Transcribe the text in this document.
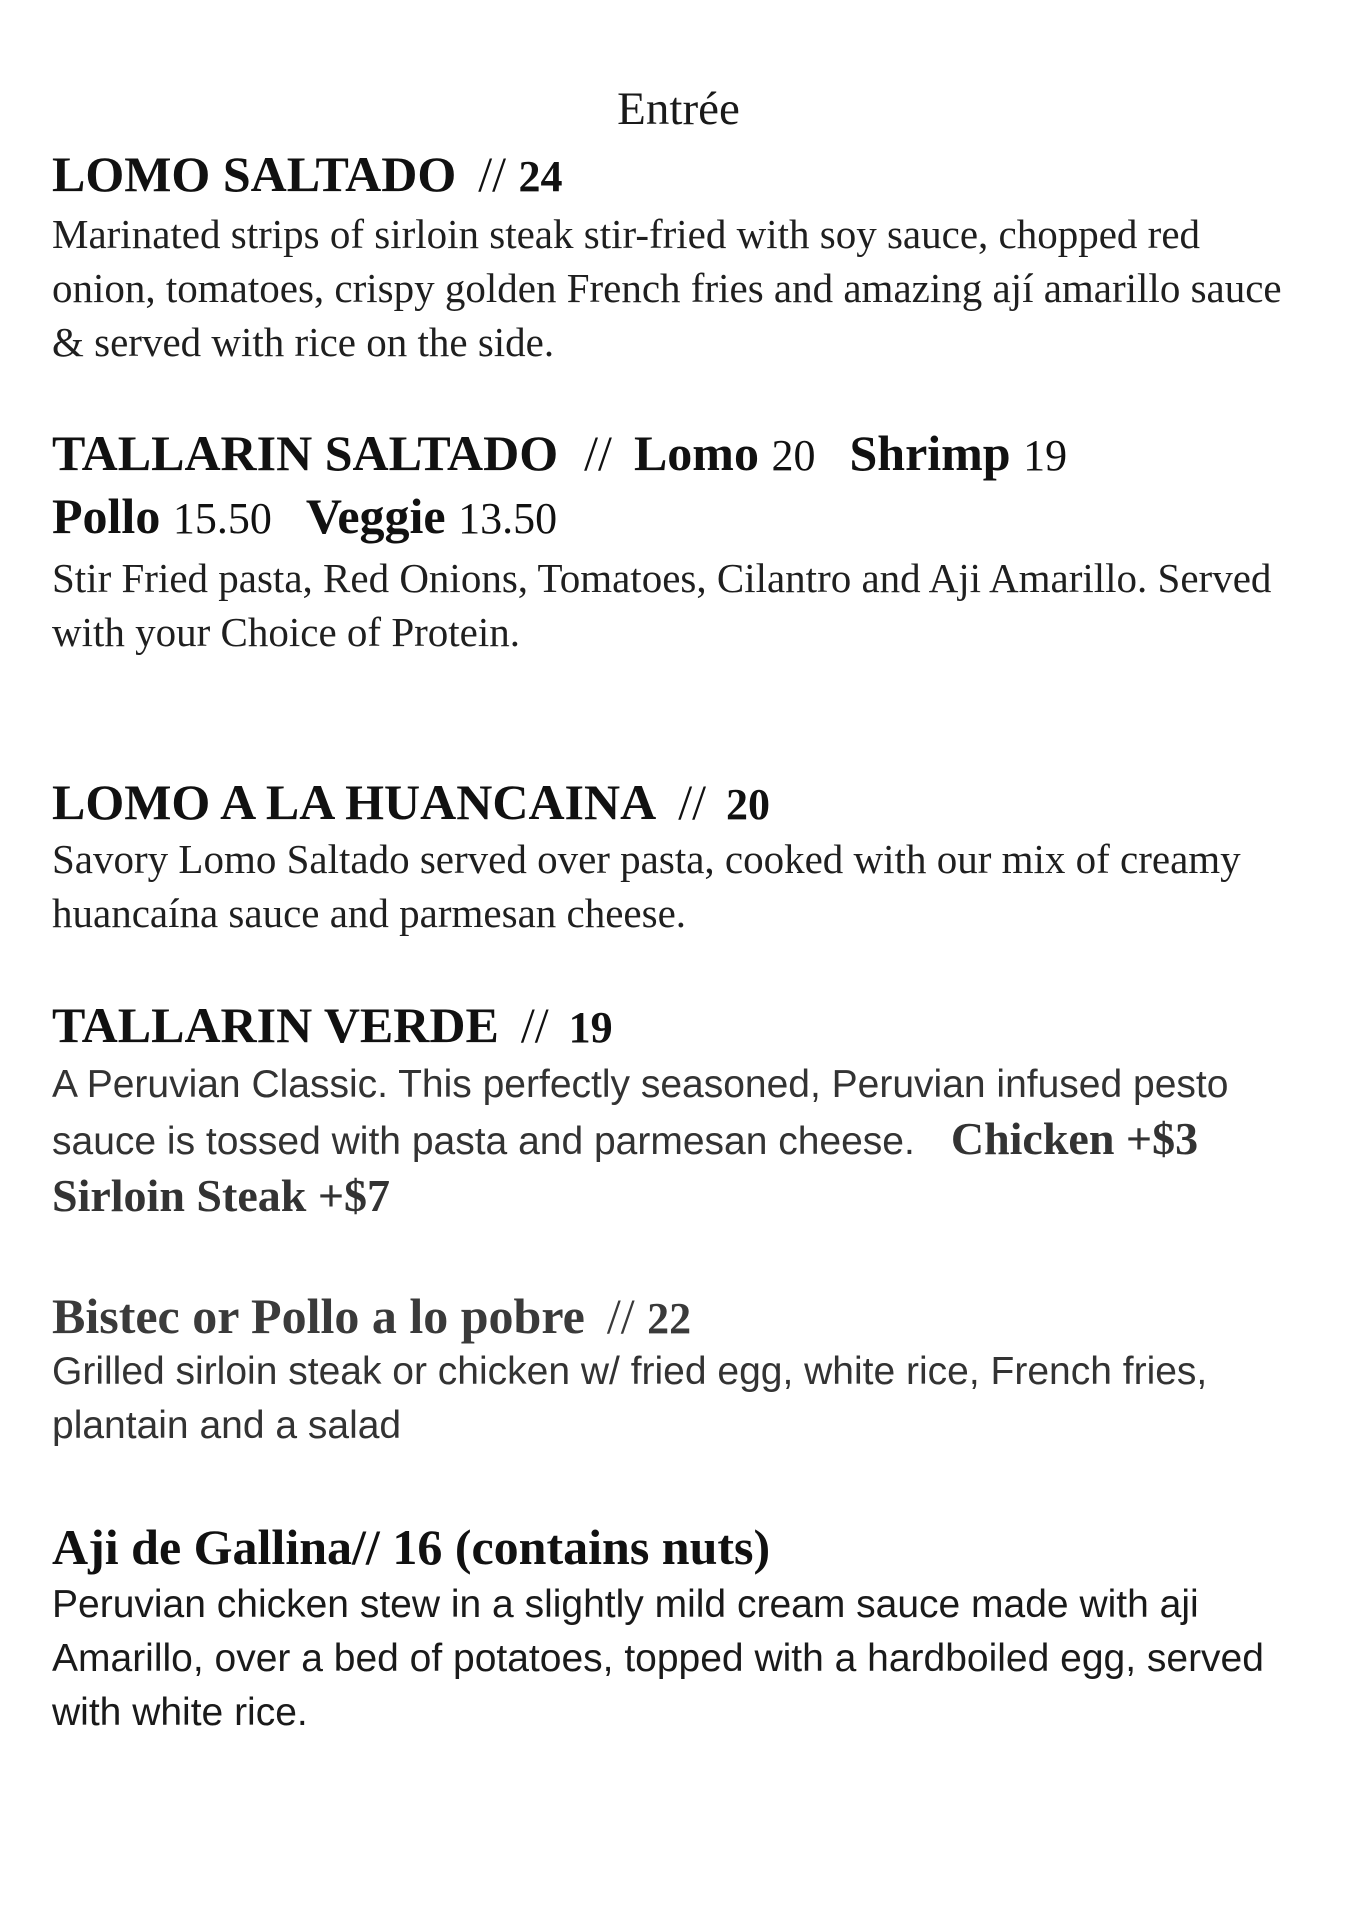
Entrée
LOMO SALTADO // 24

Marinated strips of sirloin steak stir-fried with soy sauce, chopped red onion, tomatoes, crispy golden French fries and amazing ají amarillo sauce & served with rice on the side.

TALLARIN SALTADO // Lomo 20 Shrimp 19
Pollo 15.50 Veggie 13.50

Stir Fried pasta, Red Onions, Tomatoes, Cilantro and Aji Amarillo. Served with your Choice of Protein.

LOMO A LA HUANCAINA // 20

Savory Lomo Saltado served over pasta, cooked with our mix of creamy huancaína sauce and parmesan cheese.

TALLARIN VERDE // 19

A Peruvian Classic. This perfectly seasoned, Peruvian infused pesto sauce is tossed with pasta and parmesan cheese. Chicken +$3 Sirloin Steak +$7

Bistec or Pollo a lo pobre // 22

Grilled sirloin steak or chicken w/ fried egg, white rice, French fries, plantain and a salad

Aji de Gallina// 16 (contains nuts)

Peruvian chicken stew in a slightly mild cream sauce made with aji Amarillo, over a bed of potatoes, topped with a hardboiled egg, served with white rice.
